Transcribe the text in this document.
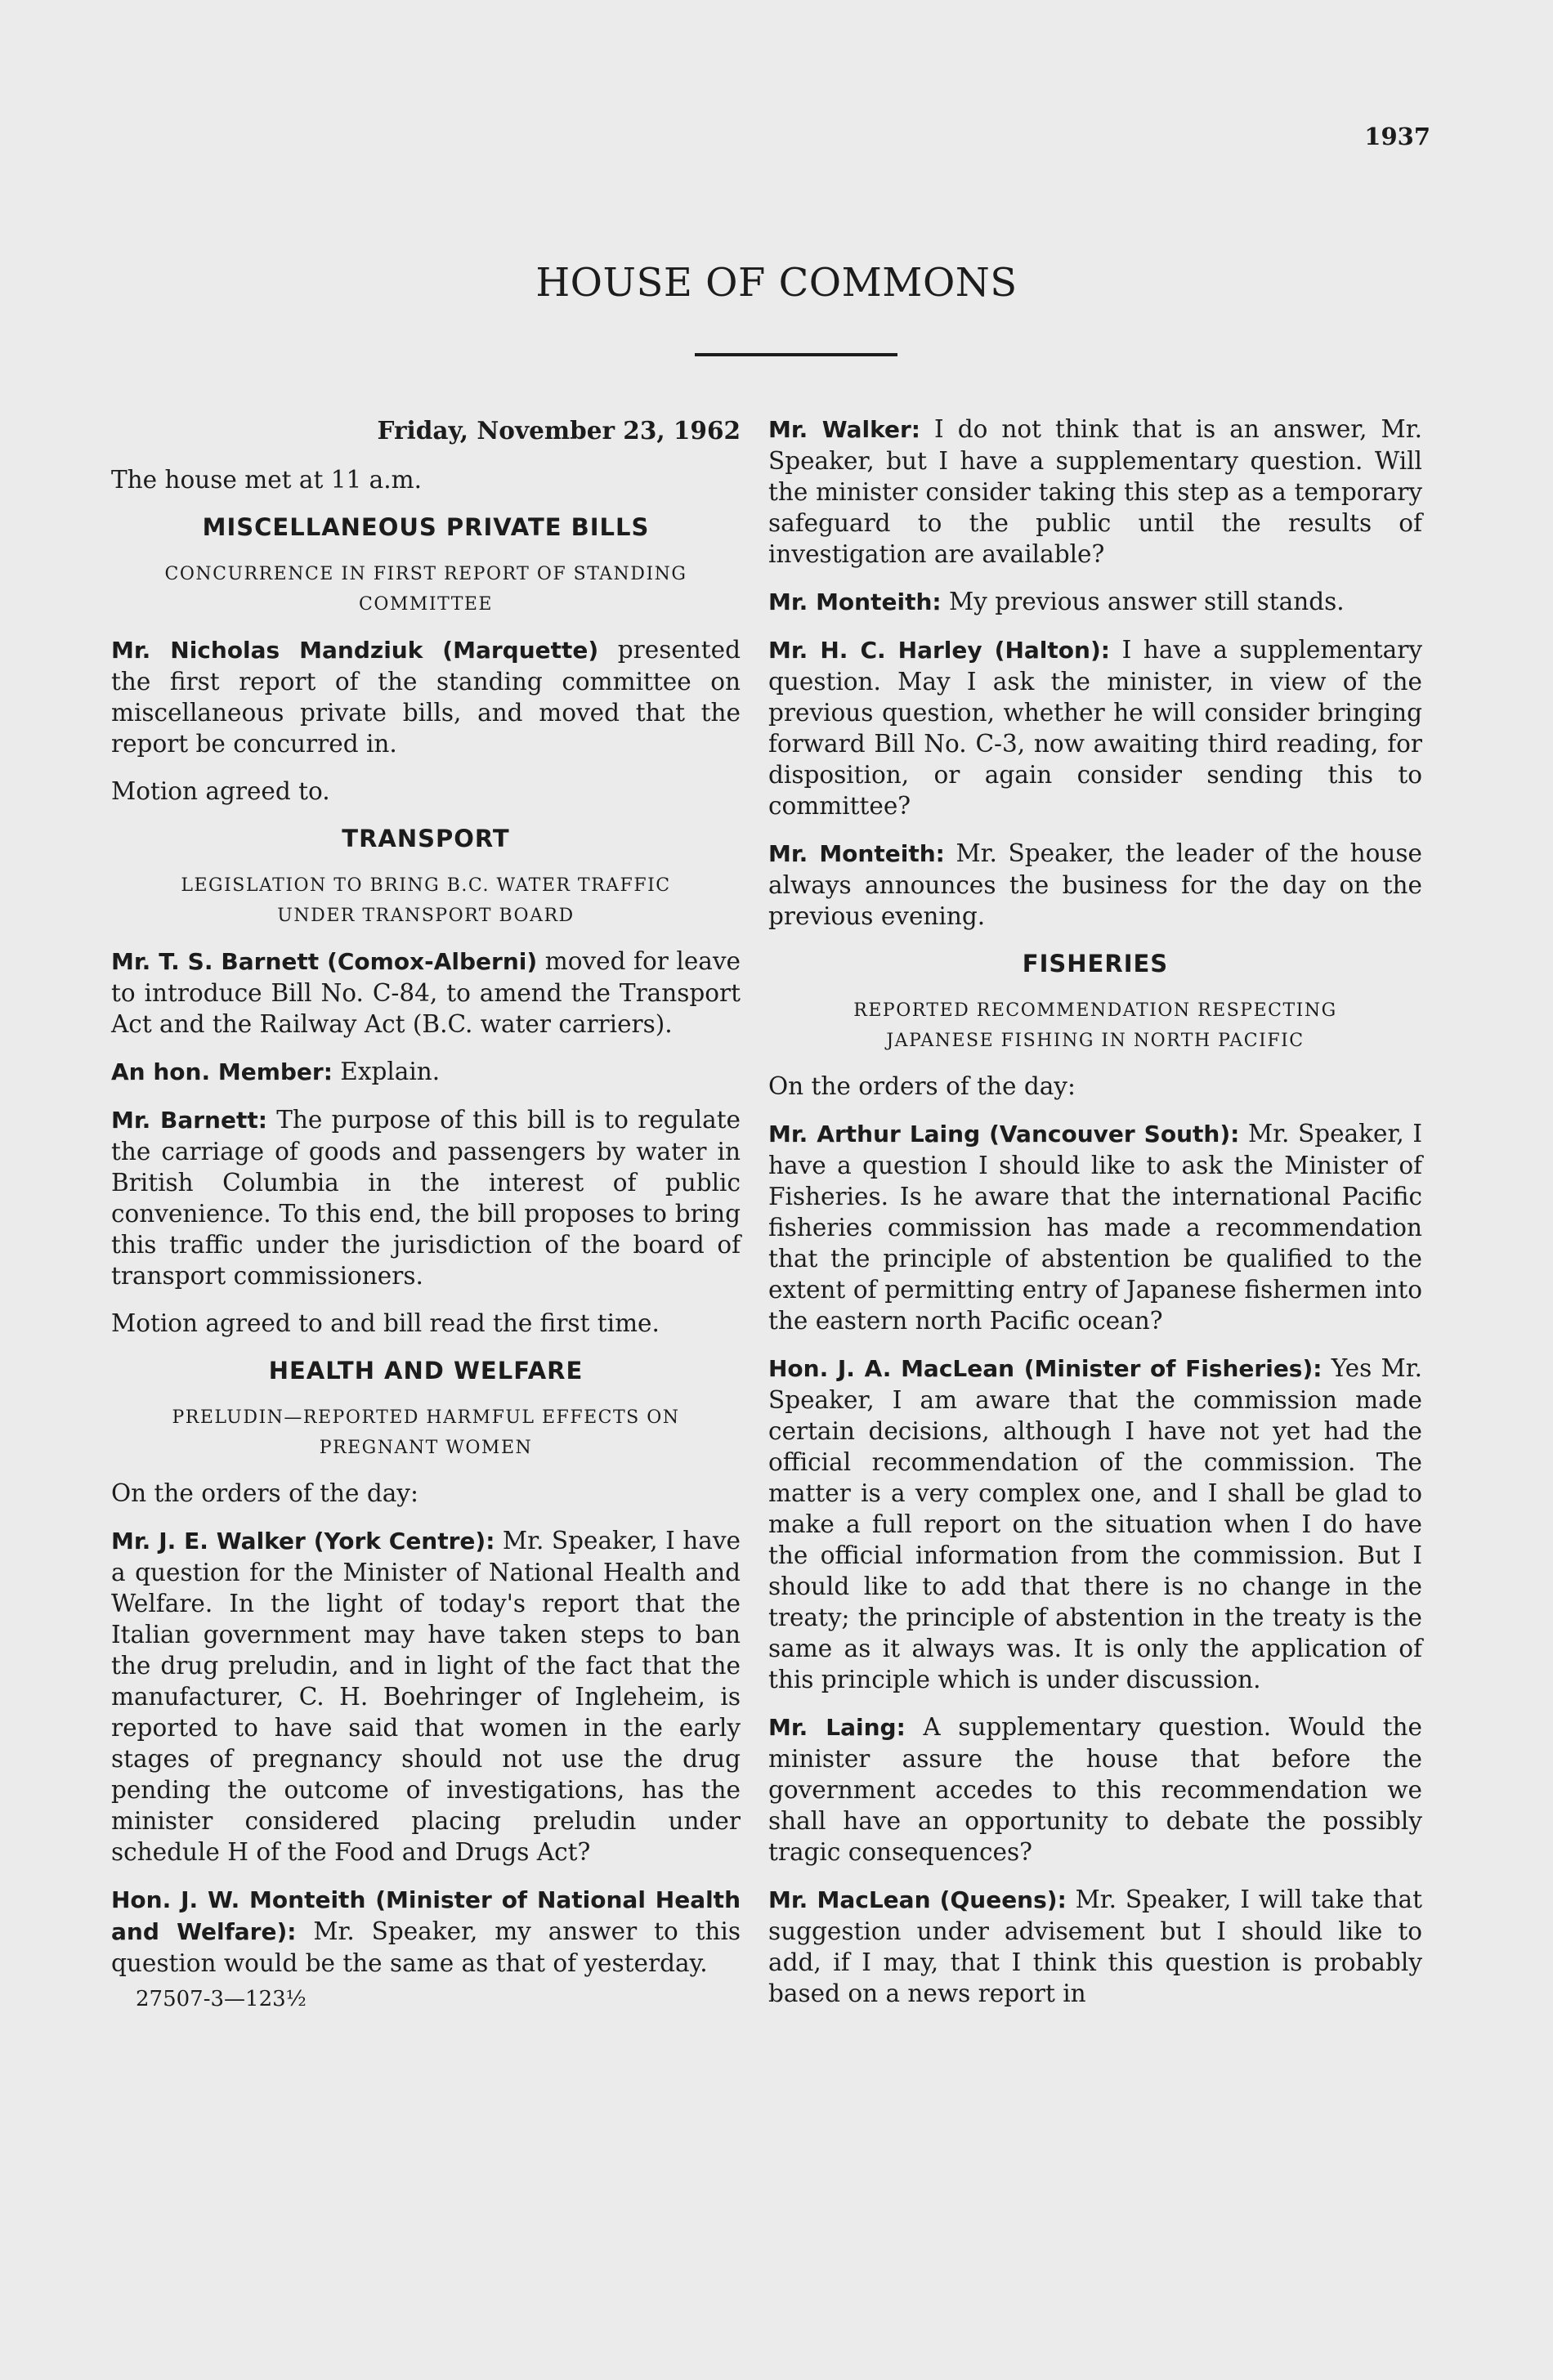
1937
HOUSE OF COMMONS
Friday, November 23, 1962

The house met at 11 a.m.

MISCELLANEOUS PRIVATE BILLS
CONCURRENCE IN FIRST REPORT OF STANDING COMMITTEE

Mr. Nicholas Mandziuk (Marquette) presented the first report of the standing committee on miscellaneous private bills, and moved that the report be concurred in.

Motion agreed to.

TRANSPORT
LEGISLATION TO BRING B.C. WATER TRAFFIC UNDER TRANSPORT BOARD

Mr. T. S. Barnett (Comox-Alberni) moved for leave to introduce Bill No. C-84, to amend the Transport Act and the Railway Act (B.C. water carriers).

An hon. Member: Explain.

Mr. Barnett: The purpose of this bill is to regulate the carriage of goods and passengers by water in British Columbia in the interest of public convenience. To this end, the bill proposes to bring this traffic under the jurisdiction of the board of transport commissioners.

Motion agreed to and bill read the first time.

HEALTH AND WELFARE
PRELUDIN—REPORTED HARMFUL EFFECTS ON PREGNANT WOMEN

On the orders of the day:

Mr. J. E. Walker (York Centre): Mr. Speaker, I have a question for the Minister of National Health and Welfare. In the light of today's report that the Italian government may have taken steps to ban the drug preludin, and in light of the fact that the manufacturer, C. H. Boehringer of Ingleheim, is reported to have said that women in the early stages of pregnancy should not use the drug pending the outcome of investigations, has the minister considered placing preludin under schedule H of the Food and Drugs Act?

Hon. J. W. Monteith (Minister of National Health and Welfare): Mr. Speaker, my answer to this question would be the same as that of yesterday.

27507-3—123½

Mr. Walker: I do not think that is an answer, Mr. Speaker, but I have a supplementary question. Will the minister consider taking this step as a temporary safeguard to the public until the results of investigation are available?

Mr. Monteith: My previous answer still stands.

Mr. H. C. Harley (Halton): I have a supplementary question. May I ask the minister, in view of the previous question, whether he will consider bringing forward Bill No. C-3, now awaiting third reading, for disposition, or again consider sending this to committee?

Mr. Monteith: Mr. Speaker, the leader of the house always announces the business for the day on the previous evening.

FISHERIES
REPORTED RECOMMENDATION RESPECTING JAPANESE FISHING IN NORTH PACIFIC

On the orders of the day:

Mr. Arthur Laing (Vancouver South): Mr. Speaker, I have a question I should like to ask the Minister of Fisheries. Is he aware that the international Pacific fisheries commission has made a recommendation that the principle of abstention be qualified to the extent of permitting entry of Japanese fishermen into the eastern north Pacific ocean?

Hon. J. A. MacLean (Minister of Fisheries): Yes Mr. Speaker, I am aware that the commission made certain decisions, although I have not yet had the official recommendation of the commission. The matter is a very complex one, and I shall be glad to make a full report on the situation when I do have the official information from the commission. But I should like to add that there is no change in the treaty; the principle of abstention in the treaty is the same as it always was. It is only the application of this principle which is under discussion.

Mr. Laing: A supplementary question. Would the minister assure the house that before the government accedes to this recommendation we shall have an opportunity to debate the possibly tragic consequences?

Mr. MacLean (Queens): Mr. Speaker, I will take that suggestion under advisement but I should like to add, if I may, that I think this question is probably based on a news report in
